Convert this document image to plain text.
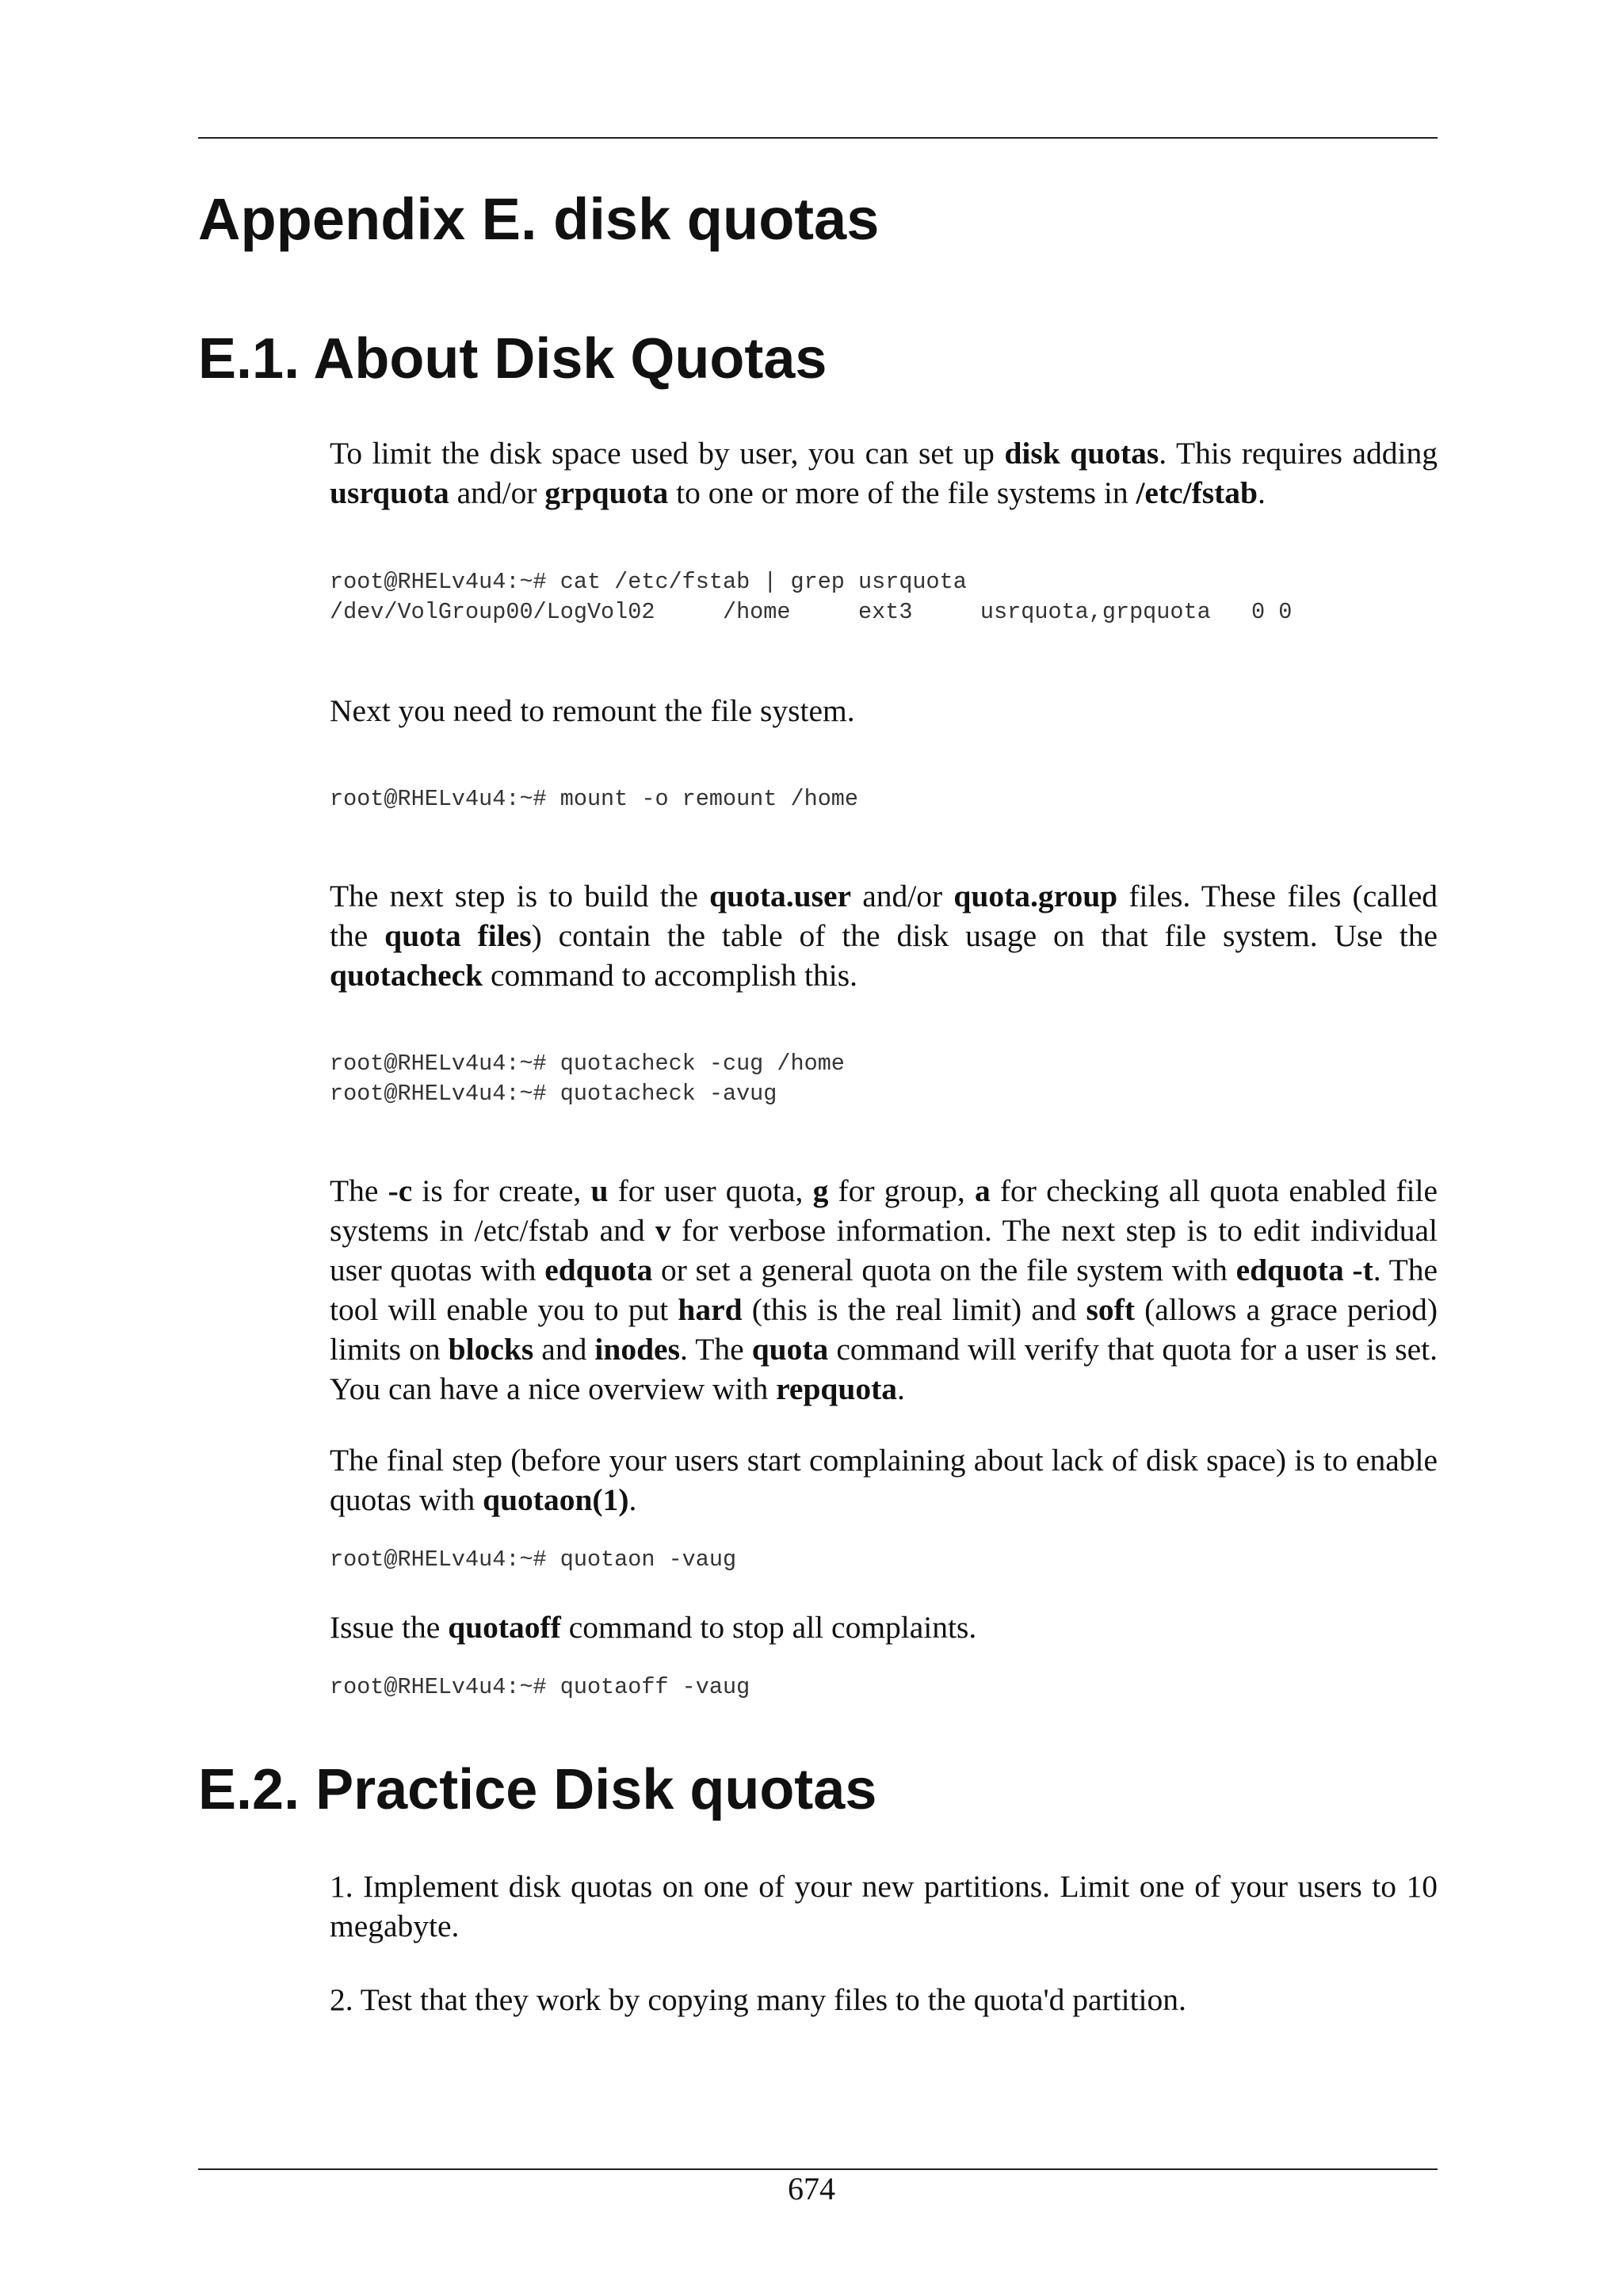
Appendix E. disk quotas
E.1. About Disk Quotas

To limit the disk space used by user, you can set up disk quotas. This requires adding usrquota and/or grpquota to one or more of the file systems in /etc/fstab.

root@RHELv4u4:~# cat /etc/fstab | grep usrquota
/dev/VolGroup00/LogVol02     /home     ext3     usrquota,grpquota   0 0

Next you need to remount the file system.

root@RHELv4u4:~# mount -o remount /home

The next step is to build the quota.user and/or quota.group files. These files (called the quota files) contain the table of the disk usage on that file system. Use the quotacheck command to accomplish this.

root@RHELv4u4:~# quotacheck -cug /home
root@RHELv4u4:~# quotacheck -avug

The -c is for create, u for user quota, g for group, a for checking all quota enabled file systems in /etc/fstab and v for verbose information. The next step is to edit individual user quotas with edquota or set a general quota on the file system with edquota -t. The tool will enable you to put hard (this is the real limit) and soft (allows a grace period) limits on blocks and inodes. The quota command will verify that quota for a user is set. You can have a nice overview with repquota.

The final step (before your users start complaining about lack of disk space) is to enable quotas with quotaon(1).

root@RHELv4u4:~# quotaon -vaug

Issue the quotaoff command to stop all complaints.

root@RHELv4u4:~# quotaoff -vaug
E.2. Practice Disk quotas

1. Implement disk quotas on one of your new partitions. Limit one of your users to 10 megabyte.

2. Test that they work by copying many files to the quota'd partition.

674
